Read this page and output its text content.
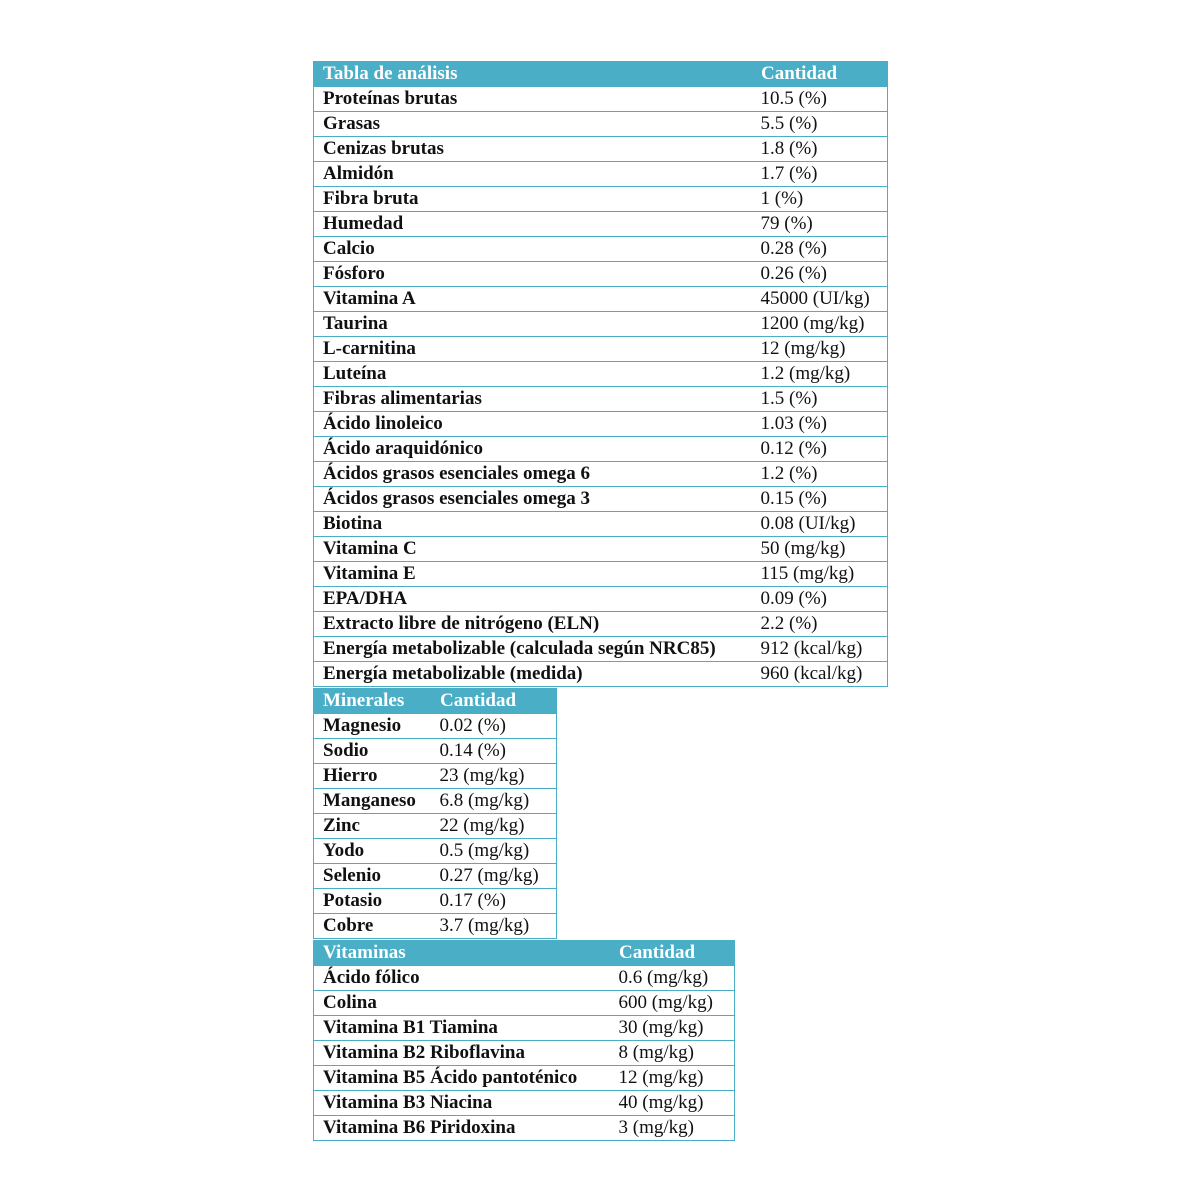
Tabla de análisis	Cantidad
Proteínas brutas	10.5 (%)
Grasas	5.5 (%)
Cenizas brutas	1.8 (%)
Almidón	1.7 (%)
Fibra bruta	1 (%)
Humedad	79 (%)
Calcio	0.28 (%)
Fósforo	0.26 (%)
Vitamina A	45000 (UI/kg)
Taurina	1200 (mg/kg)
L-carnitina	12 (mg/kg)
Luteína	1.2 (mg/kg)
Fibras alimentarias	1.5 (%)
Ácido linoleico	1.03 (%)
Ácido araquidónico	0.12 (%)
Ácidos grasos esenciales omega 6	1.2 (%)
Ácidos grasos esenciales omega 3	0.15 (%)
Biotina	0.08 (UI/kg)
Vitamina C	50 (mg/kg)
Vitamina E	115 (mg/kg)
EPA/DHA	0.09 (%)
Extracto libre de nitrógeno (ELN)	2.2 (%)
Energía metabolizable (calculada según NRC85)	912 (kcal/kg)
Energía metabolizable (medida)	960 (kcal/kg)
Minerales	Cantidad
Magnesio	0.02 (%)
Sodio	0.14 (%)
Hierro	23 (mg/kg)
Manganeso	6.8 (mg/kg)
Zinc	22 (mg/kg)
Yodo	0.5 (mg/kg)
Selenio	0.27 (mg/kg)
Potasio	0.17 (%)
Cobre	3.7 (mg/kg)
Vitaminas	Cantidad
Ácido fólico	0.6 (mg/kg)
Colina	600 (mg/kg)
Vitamina B1 Tiamina	30 (mg/kg)
Vitamina B2 Riboflavina	8 (mg/kg)
Vitamina B5 Ácido pantoténico	12 (mg/kg)
Vitamina B3 Niacina	40 (mg/kg)
Vitamina B6 Piridoxina	3 (mg/kg)
